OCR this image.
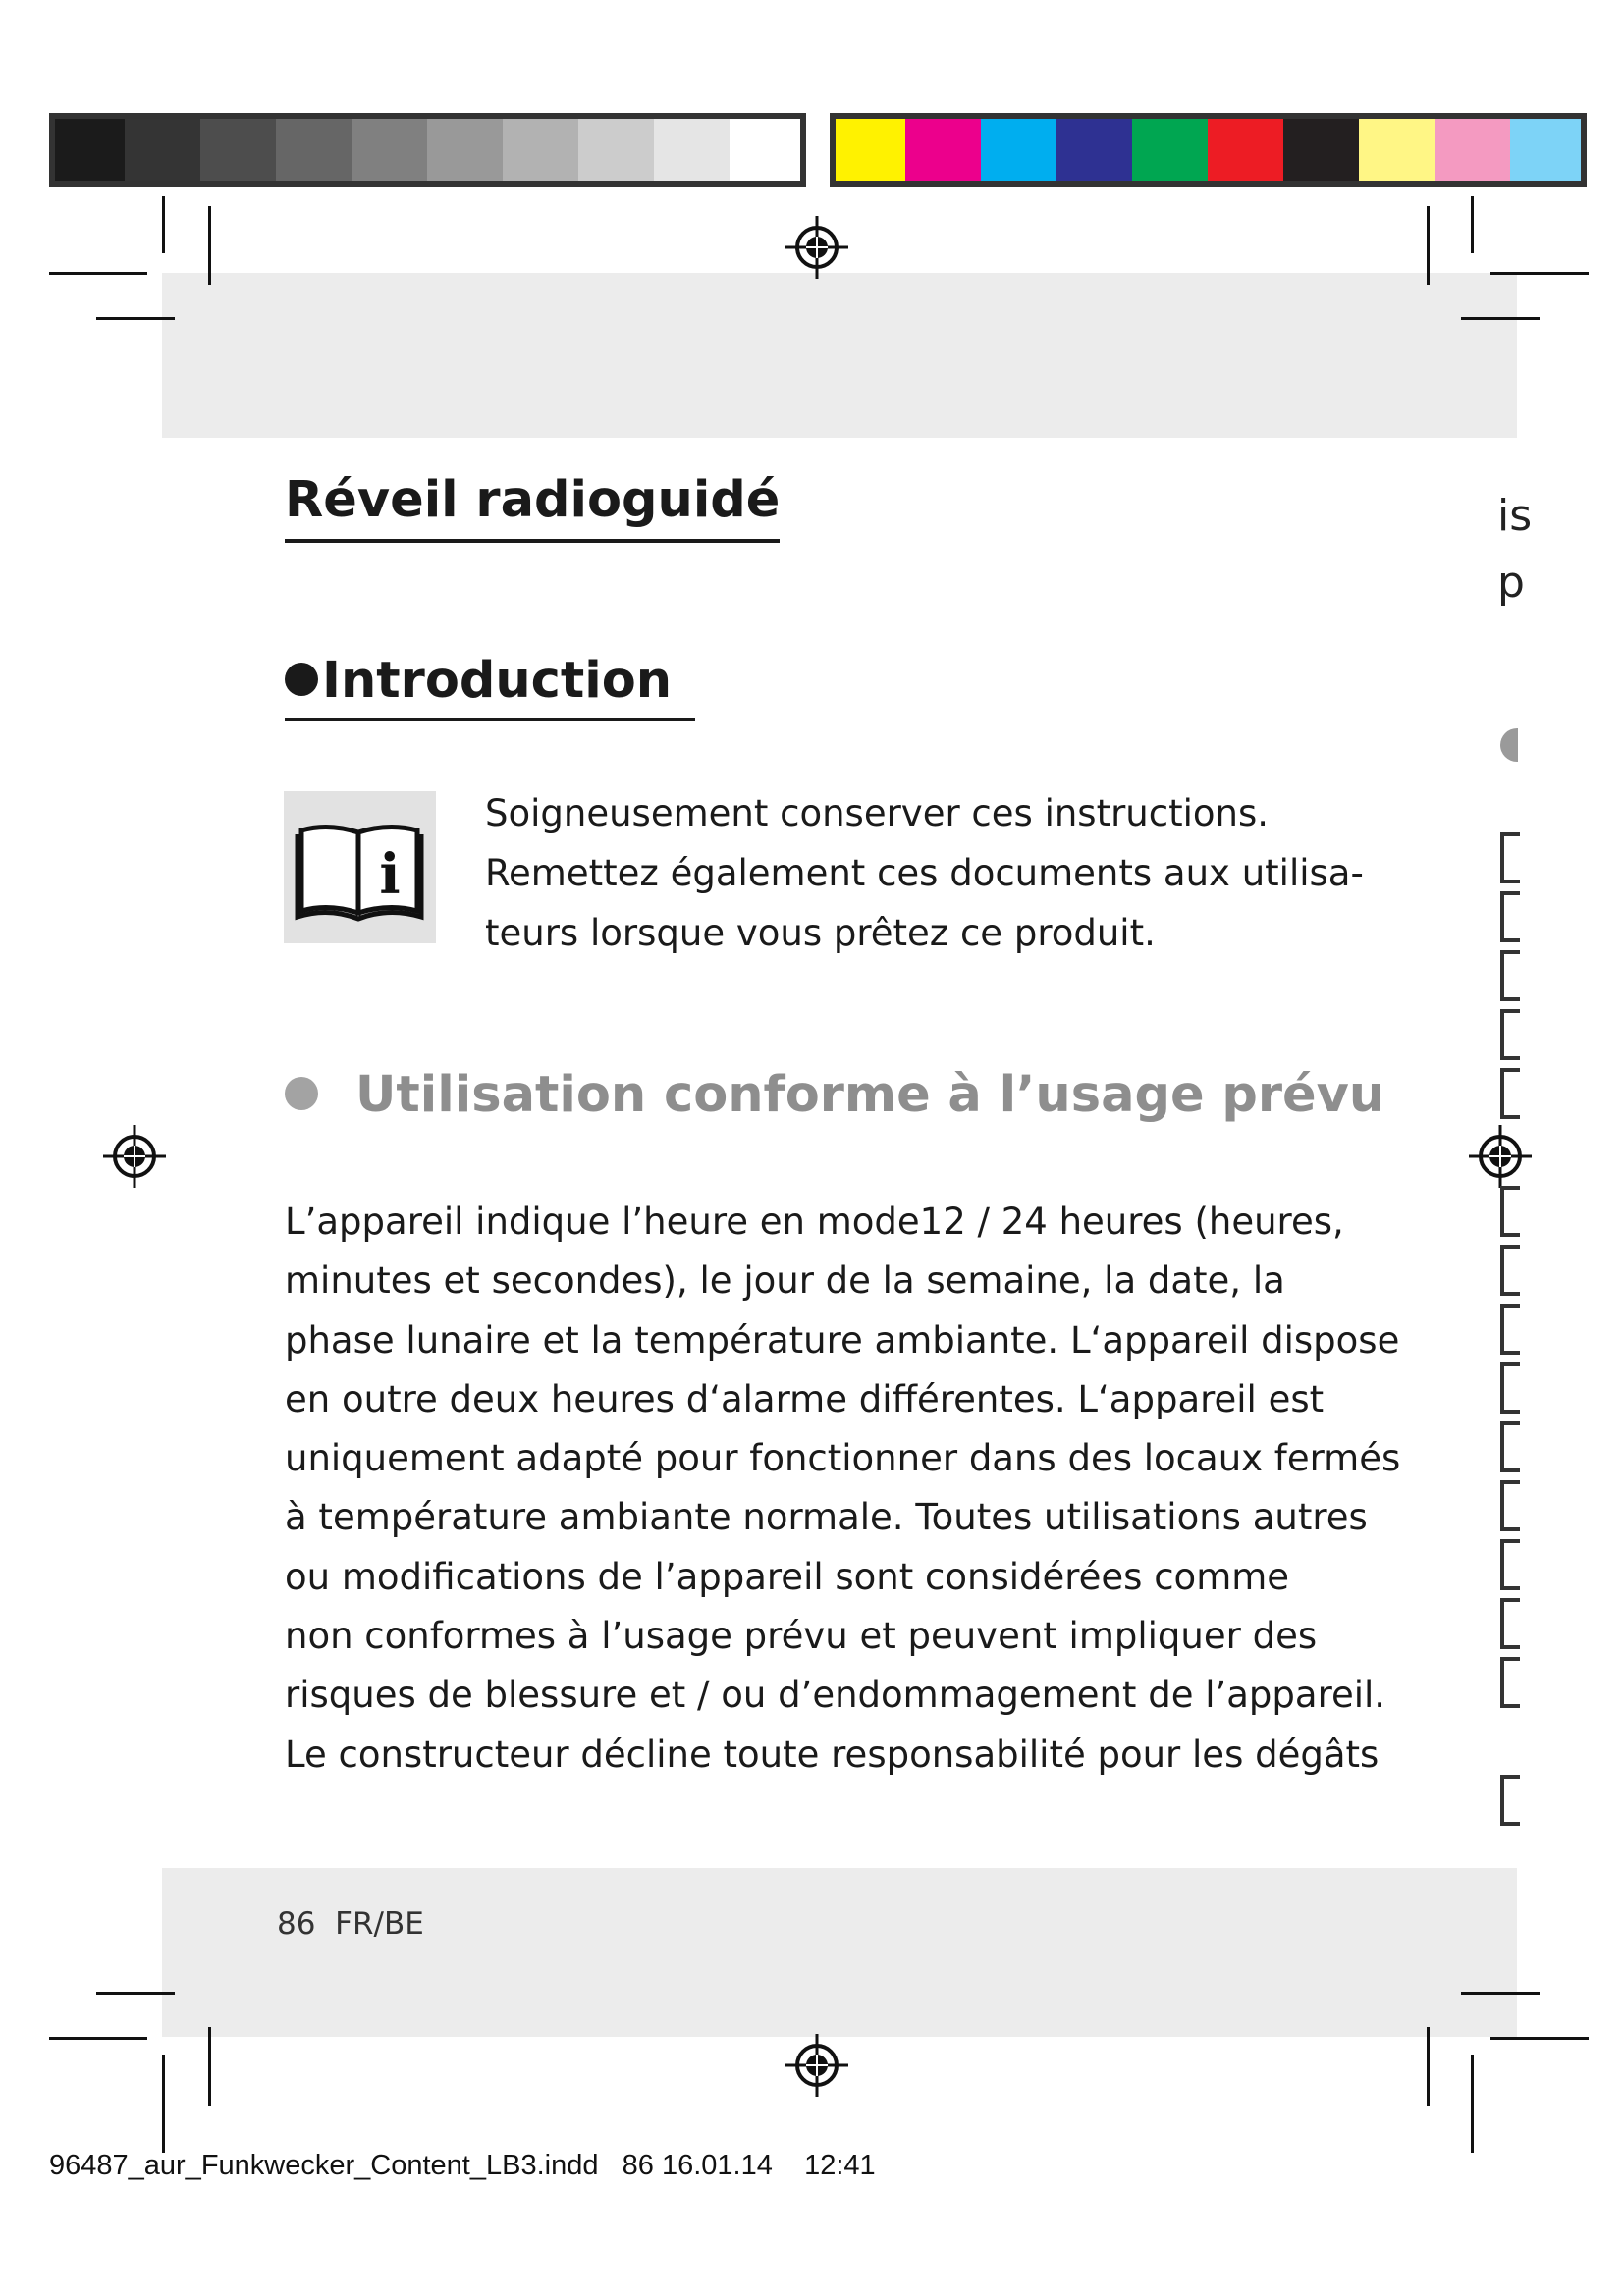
Réveil radioguidé
Introduction
i
Soigneusement conserver ces instructions.
Remettez également ces documents aux utilisa-
teurs lorsque vous prêtez ce produit.
Utilisation conforme à l’usage prévu
L’appareil indique l’heure en mode12 / 24 heures (heures,
minutes et secondes), le jour de la semaine, la date, la
phase lunaire et la température ambiante. L‘appareil dispose
en outre deux heures d‘alarme différentes. L‘appareil est
uniquement adapté pour fonctionner dans des locaux fermés
à température ambiante normale. Toutes utilisations autres
ou modifications de l’appareil sont considérées comme
non conformes à l’usage prévu et peuvent impliquer des
risques de blessure et / ou d’endommagement de l’appareil.
Le constructeur décline toute responsabilité pour les dégâts
86 FR/BE
is
p
96487_aur_Funkwecker_Content_LB3.indd 86 16.01.14 12:41
